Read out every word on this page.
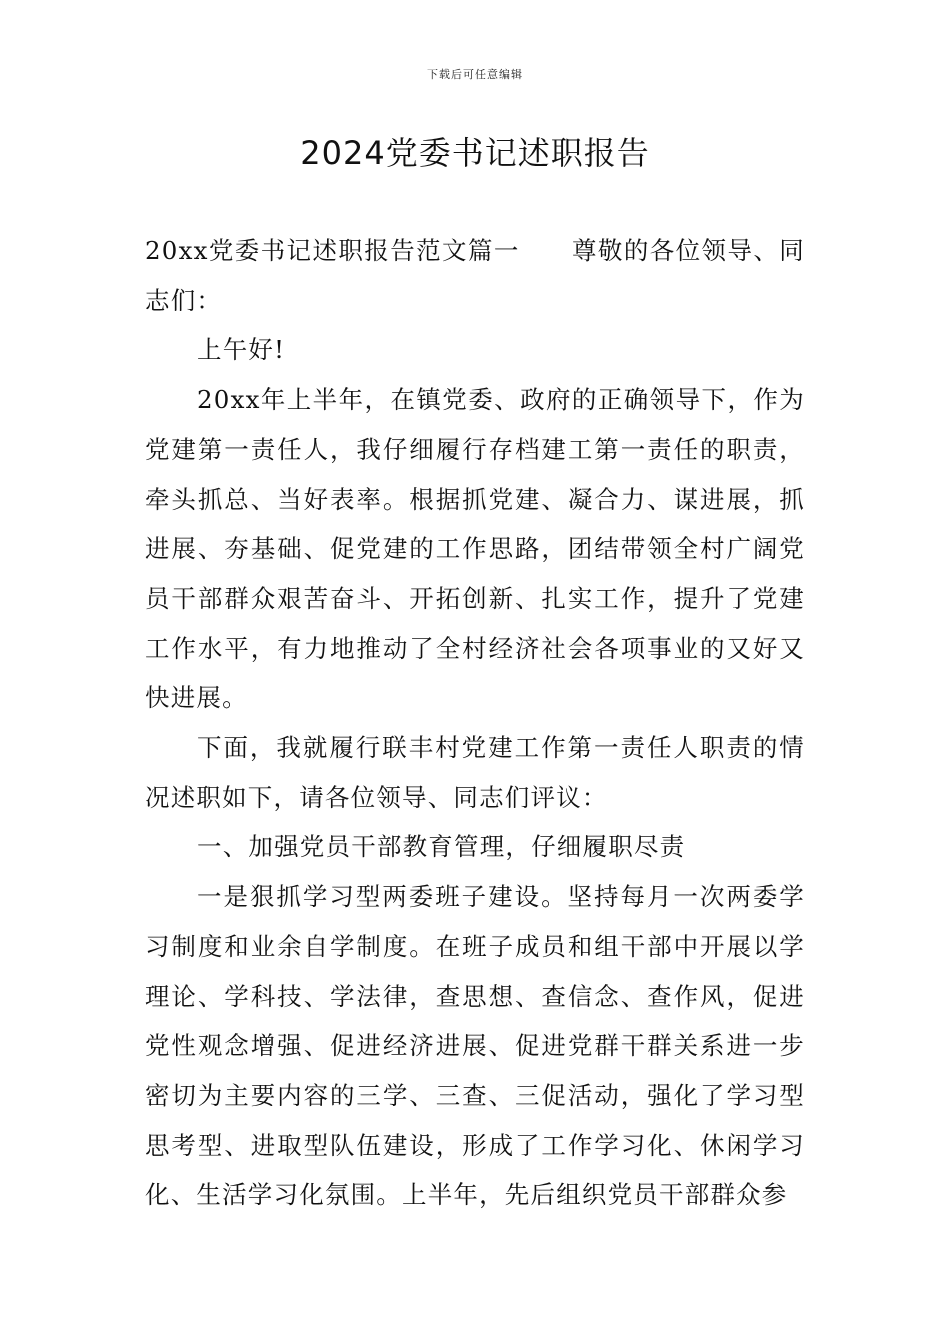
下载后可任意编辑
2024党委书记述职报告

20xx党委书记述职报告范文篇一 尊敬的各位领导、同志们：

上午好!

20xx年上半年，在镇党委、政府的正确领导下，作为党建第一责任人，我仔细履行存档建工第一责任的职责，牵头抓总、当好表率。根据抓党建、凝合力、谋进展，抓进展、夯基础、促党建的工作思路，团结带领全村广阔党员干部群众艰苦奋斗、开拓创新、扎实工作，提升了党建工作水平，有力地推动了全村经济社会各项事业的又好又快进展。

下面，我就履行联丰村党建工作第一责任人职责的情况述职如下，请各位领导、同志们评议：

一、加强党员干部教育管理，仔细履职尽责

一是狠抓学习型两委班子建设。坚持每月一次两委学习制度和业余自学制度。在班子成员和组干部中开展以学理论、学科技、学法律，查思想、查信念、查作风，促进党性观念增强、促进经济进展、促进党群干群关系进一步密切为主要内容的三学、三查、三促活动，强化了学习型思考型、进取型队伍建设，形成了工作学习化、休闲学习化、生活学习化氛围。上半年，先后组织党员干部群众参
